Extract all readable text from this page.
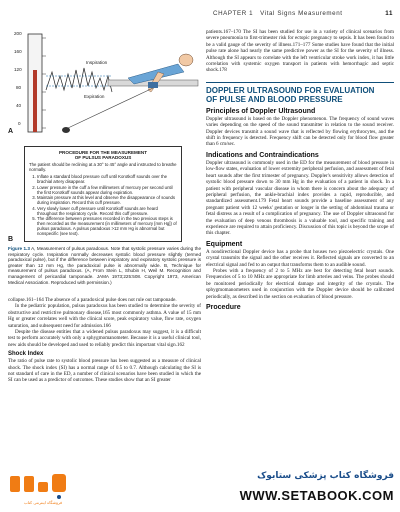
CHAPTER 1 Vital Signs Measurement	11
200
160
120
80
40
0
Inspiration
Expiration
A
PROCEDURE FOR THE MEASUREMENT
OF PULSUS PARADOXUS
The patient should be reclining at a 30° to 45° angle and instructed to breathe normally.
1. Inflate a standard blood pressure cuff until Korotkoff sounds over the brachial artery disappear.
2. Lower pressure in the cuff a few millimeters of mercury per second until the first Korotkoff sounds appear during expiration.
3. Maintain pressure at this level and observe the disappearance of sounds during inspiration. Record this cuff pressure.
4. Very slowly lower cuff pressure until Korotkoff sounds are heard throughout the respiratory cycle. Record this cuff pressure.
5. The difference between pressures recorded in the two previous steps is then recorded as the measurement (in millimeters of mercury [mm Hg]) of pulsus paradoxus. A pulsus paradoxus >12 mm Hg is abnormal but nonspecific (see text).
B
Figure 1.3 A, Measurement of pulsus paradoxus. Note that systolic pressure varies during the respiratory cycle. Inspiration normally decreases systolic blood pressure slightly (termed paradoxical pulse), but if the difference between inspiratory and expiratory systolic pressure is greater than 12 mm Hg, the paradoxical pulse is abnormally wide. B, Technique for measurement of pulsus paradoxus. (A, From Stein L, Shubin H, Weil M. Recognition and management of pericardial tamponade. JAMA 1973;225:508. Copyright 1973, American Medical Association. Reproduced with permission.)

collapse.161–164 The absence of a paradoxical pulse does not rule out tamponade.

In the pediatric population, pulsus paradoxus has been studied to determine the severity of obstructive and restrictive pulmonary disease,165 most commonly asthma. A value of 15 mm Hg or greater correlates well with the clinical score, peak expiratory value, flow rate, oxygen saturation, and subsequent need for admission.166

Despite the disease entities that a widened pulsus paradoxus may suggest, it is a difficult test to perform accurately with only a sphygmomanometer. Because it is a useful clinical tool, new aids should be developed and used to reliably predict this important vital sign.162

Shock Index

The ratio of pulse rate to systolic blood pressure has been suggested as a measure of clinical shock. The shock index (SI) has a normal range of 0.5 to 0.7. Although calculating the SI is not standard of care in the ED, a number of clinical scenarios have been studied in which the SI can be used as a predictor of outcomes. These studies show that an SI greater

patients.167–170 The SI has been studied for use in a variety of clinical scenarios from severe pneumonia to first-trimester risk for ectopic pregnancy to sepsis. It has been found to be a valid gauge of the severity of illness.171–177 Some studies have found that the initial pulse rate alone had nearly the same predictive power as the SI for the severity of illness. Although the SI appears to correlate with the left ventricular stroke work index, it has little correlation with systemic oxygen transport in patients with hemorrhagic and septic shock.178

DOPPLER ULTRASOUND FOR EVALUATION
OF PULSE AND BLOOD PRESSURE
Principles of Doppler Ultrasound

Doppler ultrasound is based on the Doppler phenomenon. The frequency of sound waves varies depending on the speed of the sound transmitter in relation to the sound receiver. Doppler devices transmit a sound wave that is reflected by flowing erythrocytes, and the shift in frequency is detected. Frequency shift can be detected only for blood flow greater than 6 cm/sec.

Indications and Contraindications

Doppler ultrasound is commonly used in the ED for the measurement of blood pressure in low-flow states, evaluation of lower extremity peripheral perfusion, and assessment of fetal heart sounds after the first trimester of pregnancy. Doppler's sensitivity allows detection of systolic blood pressure down to 30 mm Hg in the evaluation of a patient in shock. In a patient with peripheral vascular disease in whom there is concern about the adequacy of peripheral perfusion, the ankle-brachial index provides a rapid, reproducible, and standardized assessment.179 Fetal heart sounds provide a baseline assessment of any pregnant patient with 12 weeks' gestation or longer in the setting of abdominal trauma or fetal distress as a result of a complication of pregnancy. The use of Doppler ultrasound for the evaluation of deep venous thrombosis is a valuable tool, and specific training and experience are required to attain proficiency. Discussion of this topic is beyond the scope of this chapter.

Equipment

A nondirectional Doppler device has a probe that houses two piezoelectric crystals. One crystal transmits the signal and the other receives it. Reflected signals are converted to an electrical signal and fed to an output that transforms them to an audible sound.

Probes with a frequency of 2 to 5 MHz are best for detecting fetal heart sounds. Frequencies of 5 to 10 MHz are appropriate for limb arteries and veins. The probes should be monitored periodically for electrical damage and integrity of the crystals. The sphygmomanometers used in conjunction with the Doppler device should be calibrated periodically, as described in the section on evaluation of blood pressure.

Procedure
فروشگاه اینترنتی کتاب
فروشگاه کتاب پزشکی ستابوک
WWW.SETABOOK.COM
